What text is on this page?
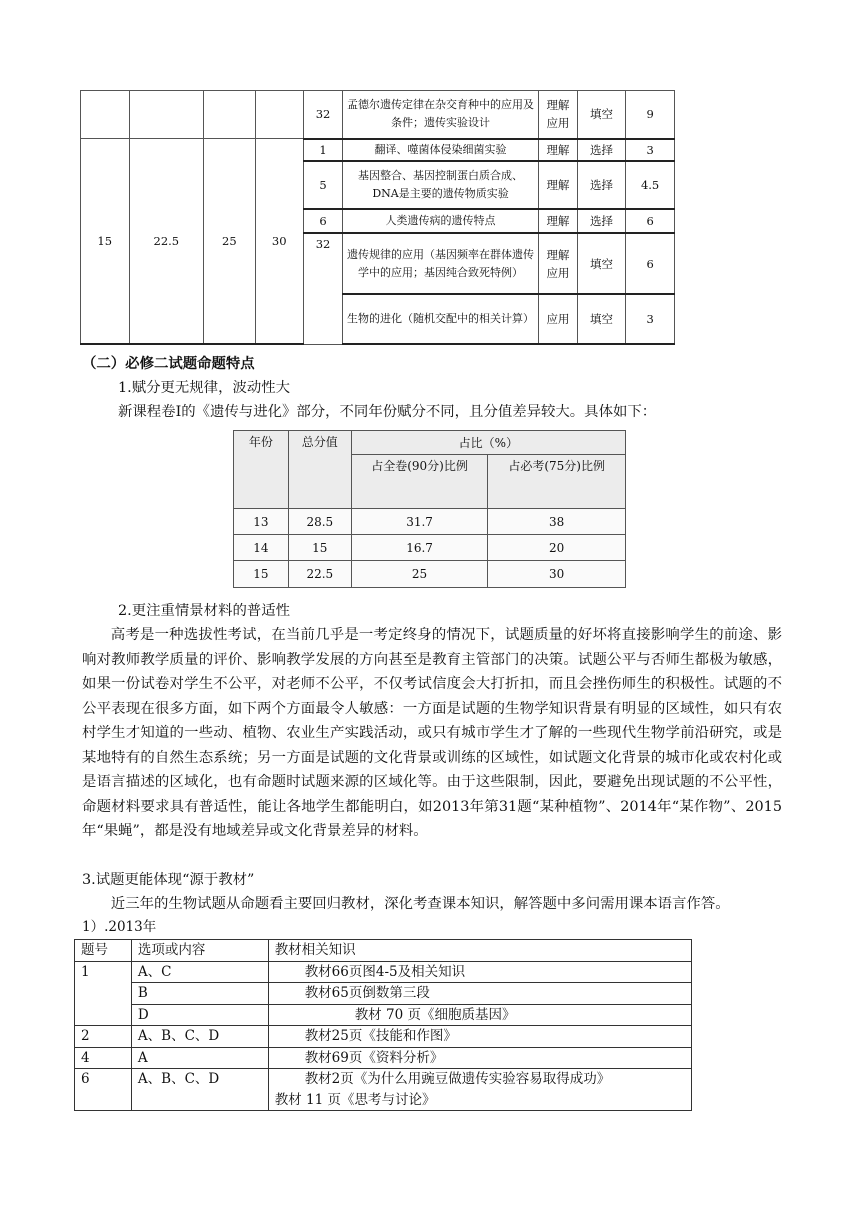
				32	孟德尔遗传定律在杂交育种中的应用及条件；遗传实验设计	理解应用	填空	9
15	22.5	25	30	1	翻译、噬菌体侵染细菌实验	理解	选择	3
				5	基因整合、基因控制蛋白质合成、DNA是主要的遗传物质实验	理解	选择	4.5
				6	人类遗传病的遗传特点	理解	选择	6
				32	遗传规律的应用（基因频率在群体遗传学中的应用；基因纯合致死特例）	理解应用	填空	6
					生物的进化（随机交配中的相关计算）	应用	填空	3
（二）必修二试题命题特点
1.赋分更无规律，波动性大
新课程卷Ⅰ的《遗传与进化》部分，不同年份赋分不同，且分值差异较大。具体如下：
年份	总分值	占比（%）	
		占全卷(90分)比例	占必考(75分)比例
13	28.5	31.7	38
14	15	16.7	20
15	22.5	25	30
2.更注重情景材料的普适性
高考是一种选拔性考试，在当前几乎是一考定终身的情况下，试题质量的好坏将直接影响学生的前途、影响对教师教学质量的评价、影响教学发展的方向甚至是教育主管部门的决策。试题公平与否师生都极为敏感，如果一份试卷对学生不公平，对老师不公平，不仅考试信度会大打折扣，而且会挫伤师生的积极性。试题的不公平表现在很多方面，如下两个方面最令人敏感：一方面是试题的生物学知识背景有明显的区域性，如只有农村学生才知道的一些动、植物、农业生产实践活动，或只有城市学生才了解的一些现代生物学前沿研究，或是某地特有的自然生态系统；另一方面是试题的文化背景或训练的区域性，如试题文化背景的城市化或农村化或是语言描述的区域化，也有命题时试题来源的区域化等。由于这些限制，因此，要避免出现试题的不公平性，命题材料要求具有普适性，能让各地学生都能明白，如2013年第31题“某种植物”、2014年“某作物”、2015年“果蝇”，都是没有地域差异或文化背景差异的材料。
3.试题更能体现“源于教材”
近三年的生物试题从命题看主要回归教材，深化考查课本知识，解答题中多问需用课本语言作答。
1）.2013年
题号	选项或内容	教材相关知识
1	A、C	教材66页图4-5及相关知识
	B	教材65页倒数第三段
	D	教材 70 页《细胞质基因》
2	A、B、C、D	教材25页《技能和作图》
4	A	教材69页《资料分析》
6	A、B、C、D	教材2页《为什么用豌豆做遗传实验容易取得成功》
教材 11 页《思考与讨论》
